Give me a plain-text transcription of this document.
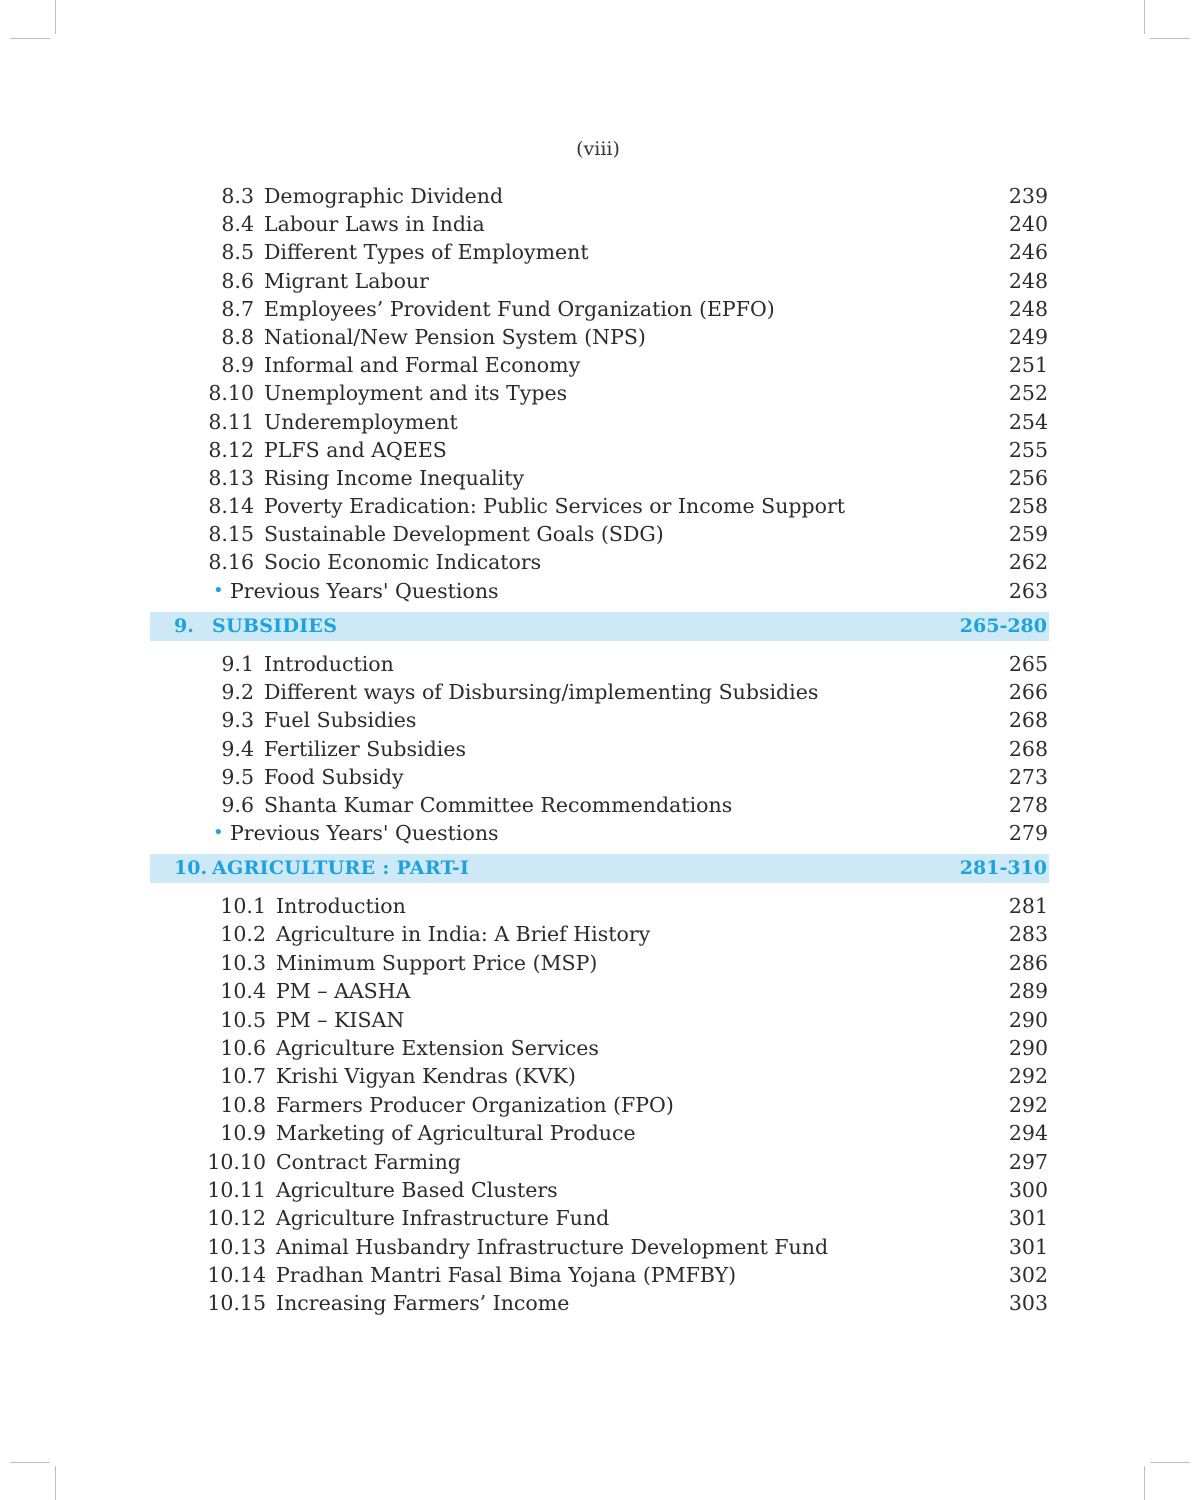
(viii)
8.3 Demographic Dividend	239
8.4 Labour Laws in India	240
8.5 Different Types of Employment	246
8.6 Migrant Labour	248
8.7 Employees’ Provident Fund Organization (EPFO)	248
8.8 National/New Pension System (NPS)	249
8.9 Informal and Formal Economy	251
8.10 Unemployment and its Types	252
8.11 Underemployment	254
8.12 PLFS and AQEES	255
8.13 Rising Income Inequality	256
8.14 Poverty Eradication: Public Services or Income Support	258
8.15 Sustainable Development Goals (SDG)	259
8.16 Socio Economic Indicators	262
• Previous Years' Questions	263
9. SUBSIDIES	265-280
9.1 Introduction	265
9.2 Different ways of Disbursing/implementing Subsidies	266
9.3 Fuel Subsidies	268
9.4 Fertilizer Subsidies	268
9.5 Food Subsidy	273
9.6 Shanta Kumar Committee Recommendations	278
• Previous Years' Questions	279
10. AGRICULTURE : PART-I	281-310
10.1 Introduction	281
10.2 Agriculture in India: A Brief History	283
10.3 Minimum Support Price (MSP)	286
10.4 PM – AASHA	289
10.5 PM – KISAN	290
10.6 Agriculture Extension Services	290
10.7 Krishi Vigyan Kendras (KVK)	292
10.8 Farmers Producer Organization (FPO)	292
10.9 Marketing of Agricultural Produce	294
10.10 Contract Farming	297
10.11 Agriculture Based Clusters	300
10.12 Agriculture Infrastructure Fund	301
10.13 Animal Husbandry Infrastructure Development Fund	301
10.14 Pradhan Mantri Fasal Bima Yojana (PMFBY)	302
10.15 Increasing Farmers’ Income	303
